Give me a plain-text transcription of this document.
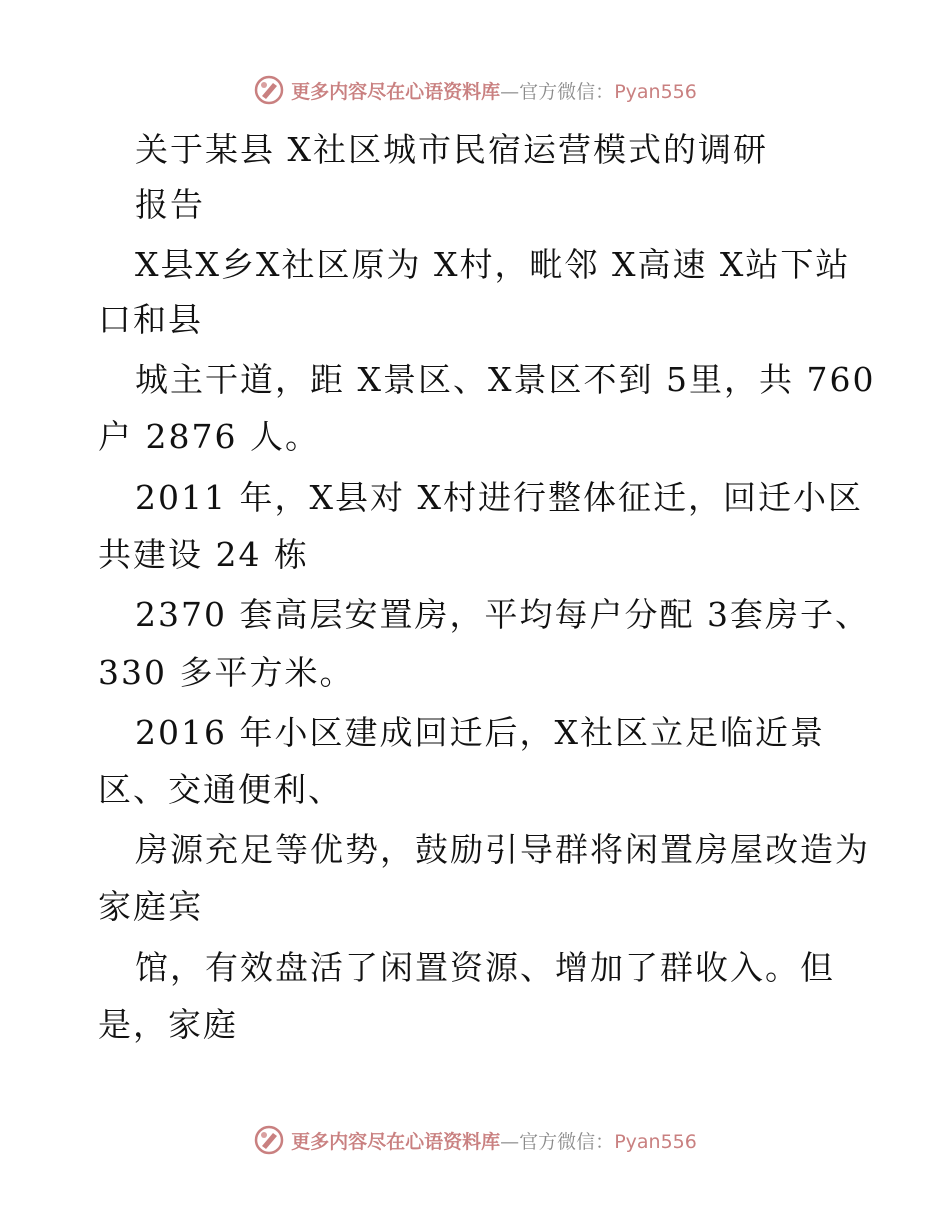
更多内容尽在心语资料库—官方微信：Pyan556
关于某县 X社区城市民宿运营模式的调研
报告
X县X乡X社区原为 X村，毗邻 X高速 X站下站
口和县
城主干道，距 X景区、X景区不到 5里，共 760
户 2876 人。
2011 年，X县对 X村进行整体征迁，回迁小区
共建设 24 栋
2370 套高层安置房，平均每户分配 3套房子、
330 多平方米。
2016 年小区建成回迁后，X社区立足临近景
区、交通便利、
房源充足等优势，鼓励引导群将闲置房屋改造为
家庭宾
馆，有效盘活了闲置资源、增加了群收入。但
是，家庭
更多内容尽在心语资料库—官方微信：Pyan556
